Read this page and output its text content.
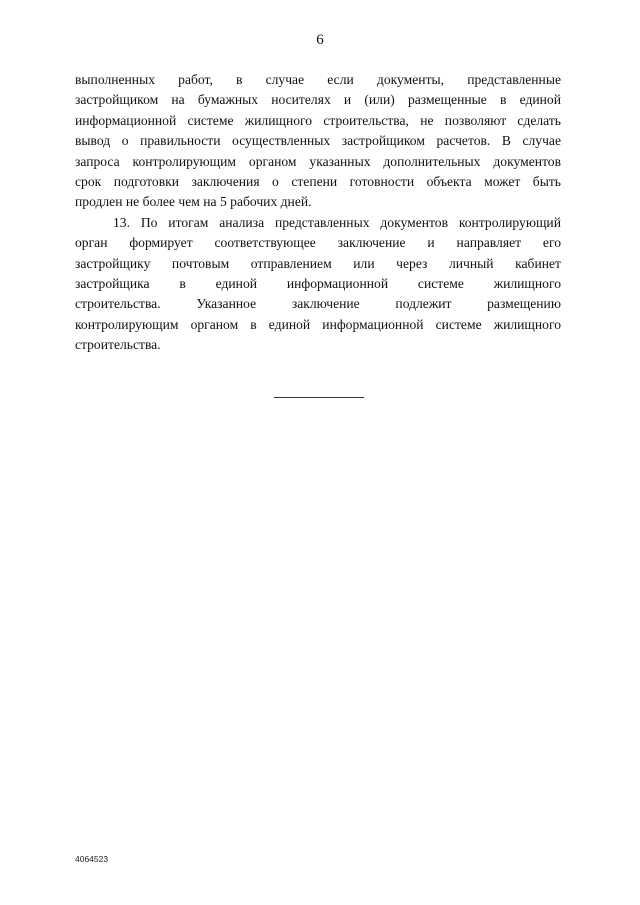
6
выполненных работ, в случае если документы, представленные
застройщиком на бумажных носителях и (или) размещенные в единой
информационной системе жилищного строительства, не позволяют сделать
вывод о правильности осуществленных застройщиком расчетов. В случае
запроса контролирующим органом указанных дополнительных документов
срок подготовки заключения о степени готовности объекта может быть
продлен не более чем на 5 рабочих дней.
13. По итогам анализа представленных документов контролирующий
орган формирует соответствующее заключение и направляет его
застройщику почтовым отправлением или через личный кабинет
застройщика в единой информационной системе жилищного
строительства. Указанное заключение подлежит размещению
контролирующим органом в единой информационной системе жилищного
строительства.
4064523
